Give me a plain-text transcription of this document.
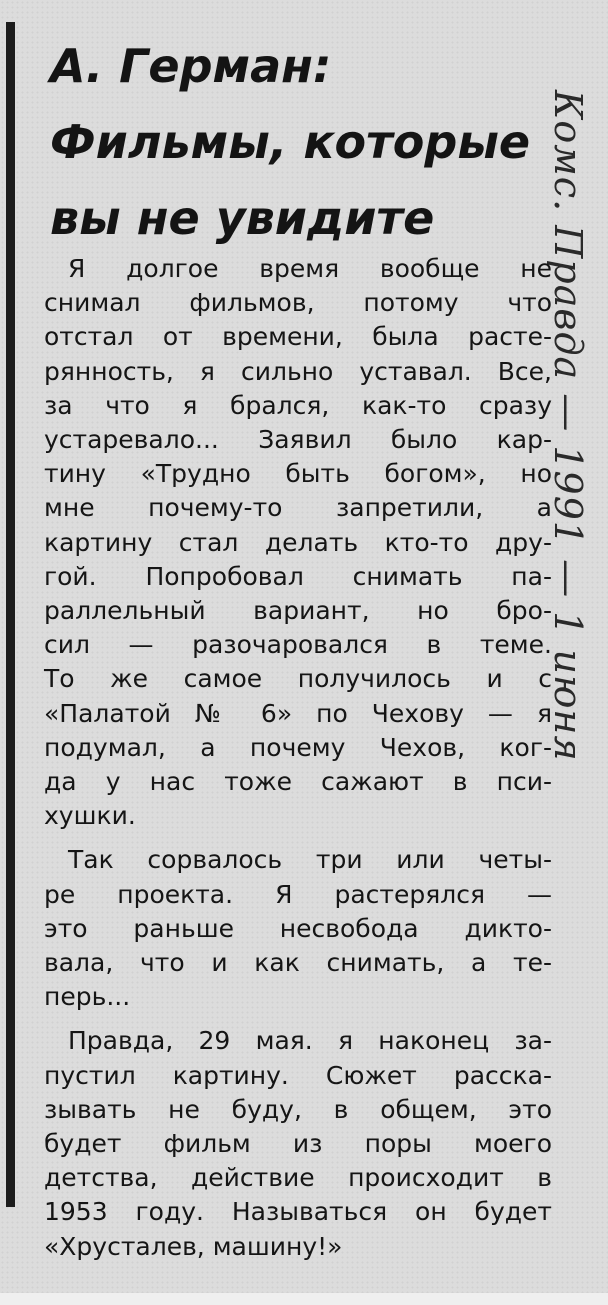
А. Герман:
Фильмы, которые
вы не увидите	Комс. Правда — 1991 — 1 июня
Я долгое время вообще не
снимал фильмов, потому что
отстал от времени, была расте-
рянность, я сильно уставал. Все,
за что я брался, как-то сразу
устаревало... Заявил было кар-
тину «Трудно быть богом», но
мне почему-то запретили, а
картину стал делать кто-то дру-
гой. Попробовал снимать па-
раллельный вариант, но бро-
сил — разочаровался в теме.
То же самое получилось и с
«Палатой № 6» по Чехову — я
подумал, а почему Чехов, ког-
да у нас тоже сажают в пси-
хушки.
Так сорвалось три или четы-
ре проекта. Я растерялся —
это раньше несвобода дикто-
вала, что и как снимать, а те-
перь...
Правда, 29 мая. я наконец за-
пустил картину. Сюжет расска-
зывать не буду, в общем, это
будет фильм из поры моего
детства, действие происходит в
1953 году. Называться он будет
«Хрусталев, машину!»
